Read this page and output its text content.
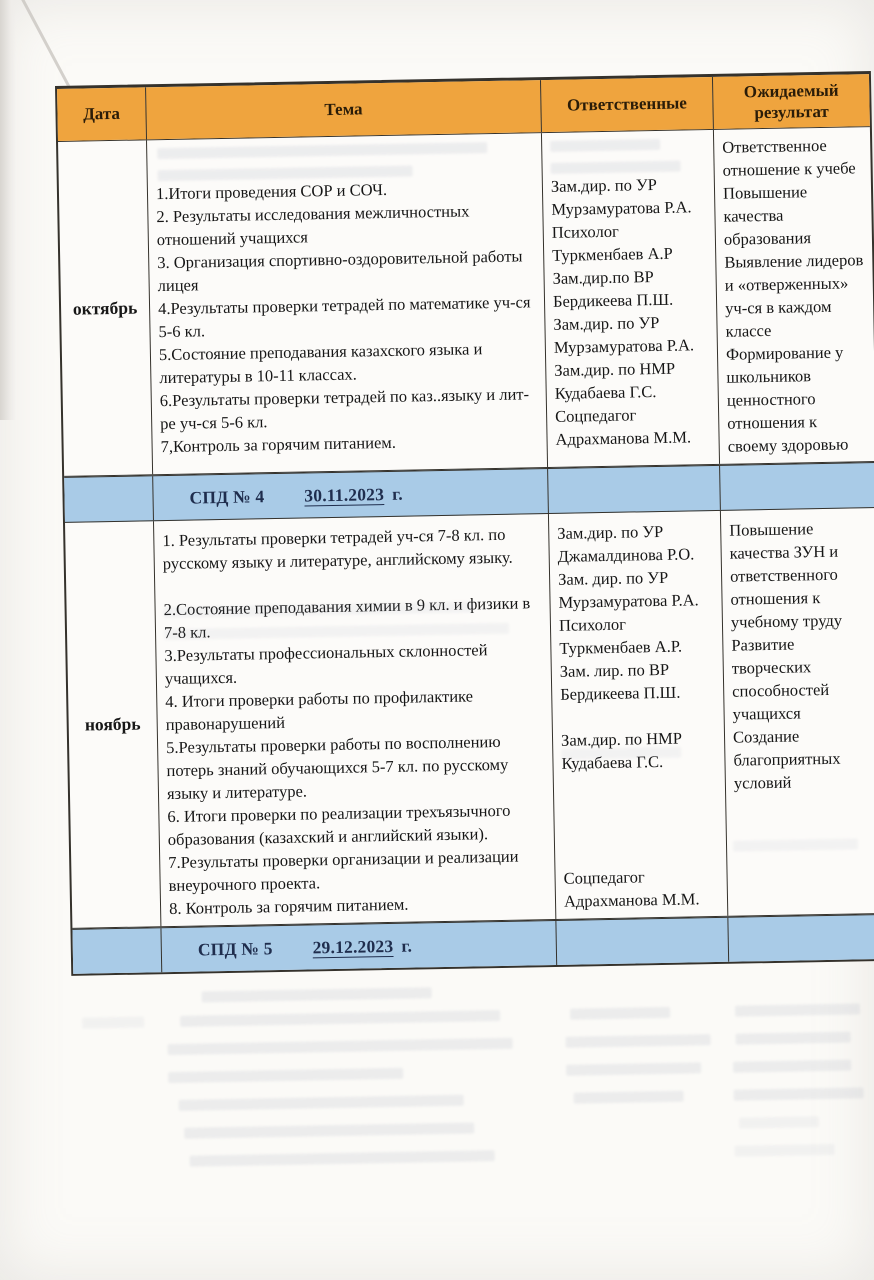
Дата	Тема	Ответственные
Ожидаемый результат
октябрь
1.Итоги проведения СОР и СОЧ.
2. Результаты исследования межличностных отношений учащихся
3. Организация спортивно-оздоровительной работы лицея
4.Результаты проверки тетрадей по математике уч-ся 5-6 кл.
5.Состояние преподавания казахского языка и литературы в 10-11 классах.
6.Результаты проверки тетрадей по каз..языку и лит-ре уч-ся 5-6 кл.
7,Контроль за горячим питанием.
Зам.дир. по УР
Мурзамуратова Р.А.
Психолог
Туркменбаев А.Р
Зам.дир.по ВР
Бердикеева П.Ш.
Зам.дир. по УР
Мурзамуратова Р.А.
Зам.дир. по НМР
Кудабаева Г.С.
Соцпедагог
Адрахманова М.М.
Ответственное отношение к учебе
Повышение качества образования
Выявление лидеров и «отверженных» уч-ся в каждом классе
Формирование у школьников ценностного отношения к своему здоровью
СПД № 4 30.11.2023 г.
ноябрь
1. Результаты проверки тетрадей уч-ся 7-8 кл. по русскому языку и литературе, английскому языку.

2.Состояние преподавания химии в 9 кл. и физики в 7-8 кл.
3.Результаты профессиональных склонностей учащихся.
4. Итоги проверки работы по профилактике правонарушений
5.Результаты проверки работы по восполнению потерь знаний обучающихся 5-7 кл. по русскому языку и литературе.
6. Итоги проверки по реализации трехъязычного образования (казахский и английский языки).
7.Результаты проверки организации и реализации внеурочного проекта.
8. Контроль за горячим питанием.
Зам.дир. по УР
Джамалдинова Р.О.
Зам. дир. по УР
Мурзамуратова Р.А.
Психолог
Туркменбаев А.Р.
Зам. лир. по ВР
Бердикеева П.Ш.

Зам.дир. по НМР
Кудабаева Г.С.

Соцпедагог
Адрахманова М.М.
Повышение качества ЗУН и ответственного отношения к учебному труду
Развитие творческих способностей учащихся
Создание благоприятных условий
СПД № 5 29.12.2023 г.
